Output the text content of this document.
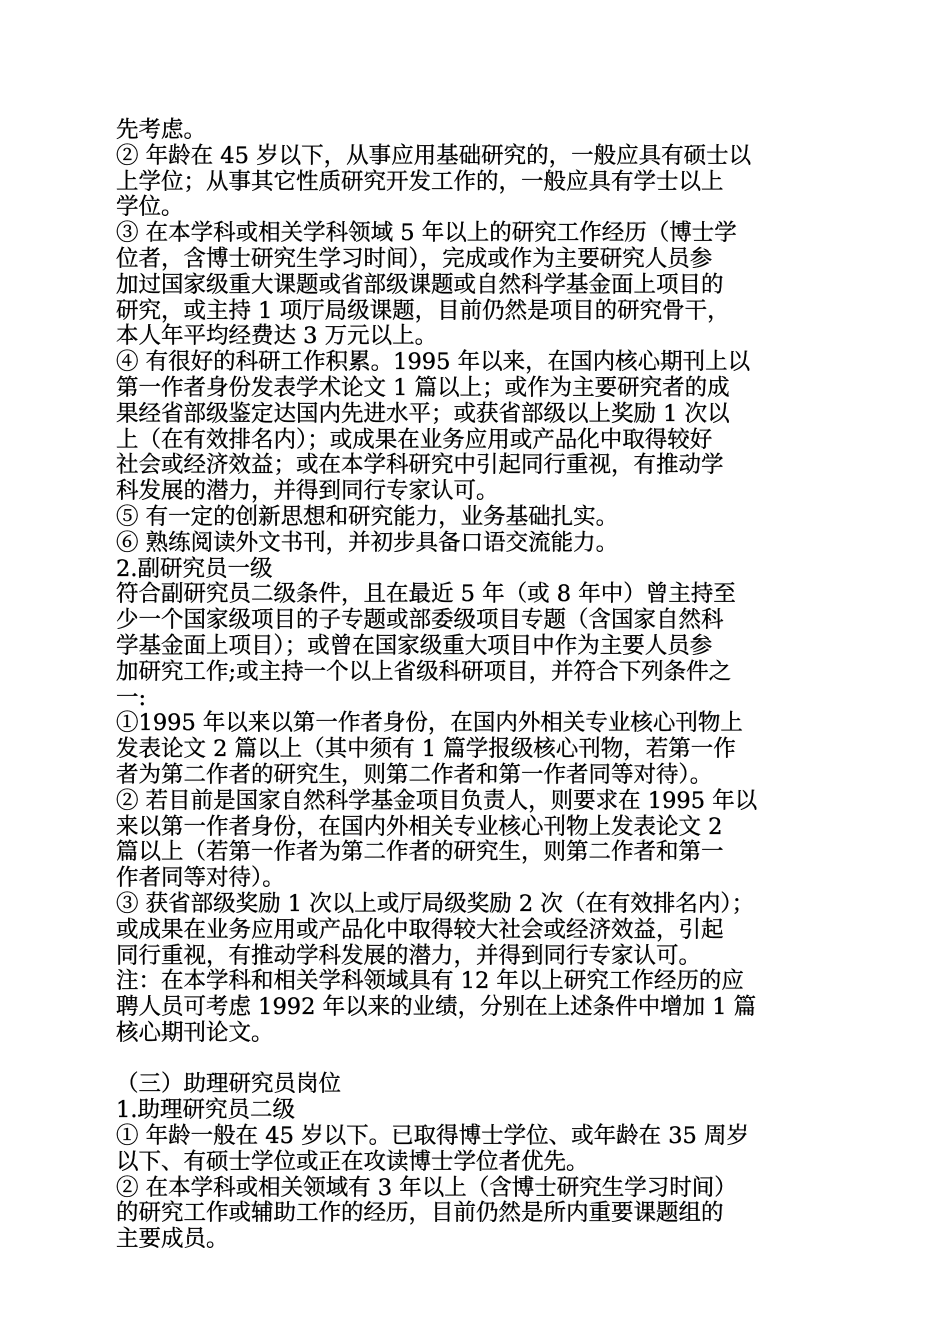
先考虑。
② 年龄在 45 岁以下，从事应用基础研究的，一般应具有硕士以
上学位；从事其它性质研究开发工作的，一般应具有学士以上
学位。
③ 在本学科或相关学科领域 5 年以上的研究工作经历（博士学
位者，含博士研究生学习时间），完成或作为主要研究人员参
加过国家级重大课题或省部级课题或自然科学基金面上项目的
研究，或主持 1 项厅局级课题，目前仍然是项目的研究骨干，
本人年平均经费达 3 万元以上。
④ 有很好的科研工作积累。1995 年以来，在国内核心期刊上以
第一作者身份发表学术论文 1 篇以上；或作为主要研究者的成
果经省部级鉴定达国内先进水平；或获省部级以上奖励 1 次以
上（在有效排名内）；或成果在业务应用或产品化中取得较好
社会或经济效益；或在本学科研究中引起同行重视，有推动学
科发展的潜力，并得到同行专家认可。
⑤ 有一定的创新思想和研究能力，业务基础扎实。
⑥ 熟练阅读外文书刊，并初步具备口语交流能力。
2.副研究员一级
符合副研究员二级条件，且在最近 5 年（或 8 年中）曾主持至
少一个国家级项目的子专题或部委级项目专题（含国家自然科
学基金面上项目）；或曾在国家级重大项目中作为主要人员参
加研究工作;或主持一个以上省级科研项目，并符合下列条件之
一:
①1995 年以来以第一作者身份，在国内外相关专业核心刊物上
发表论文 2 篇以上（其中须有 1 篇学报级核心刊物，若第一作
者为第二作者的研究生，则第二作者和第一作者同等对待）。
② 若目前是国家自然科学基金项目负责人，则要求在 1995 年以
来以第一作者身份，在国内外相关专业核心刊物上发表论文 2
篇以上（若第一作者为第二作者的研究生，则第二作者和第一
作者同等对待）。
③ 获省部级奖励 1 次以上或厅局级奖励 2 次（在有效排名内）；
或成果在业务应用或产品化中取得较大社会或经济效益，引起
同行重视，有推动学科发展的潜力，并得到同行专家认可。
注：在本学科和相关学科领域具有 12 年以上研究工作经历的应
聘人员可考虑 1992 年以来的业绩，分别在上述条件中增加 1 篇
核心期刊论文。
（三）助理研究员岗位
1.助理研究员二级
① 年龄一般在 45 岁以下。已取得博士学位、或年龄在 35 周岁
以下、有硕士学位或正在攻读博士学位者优先。
② 在本学科或相关领域有 3 年以上（含博士研究生学习时间）
的研究工作或辅助工作的经历，目前仍然是所内重要课题组的
主要成员。
